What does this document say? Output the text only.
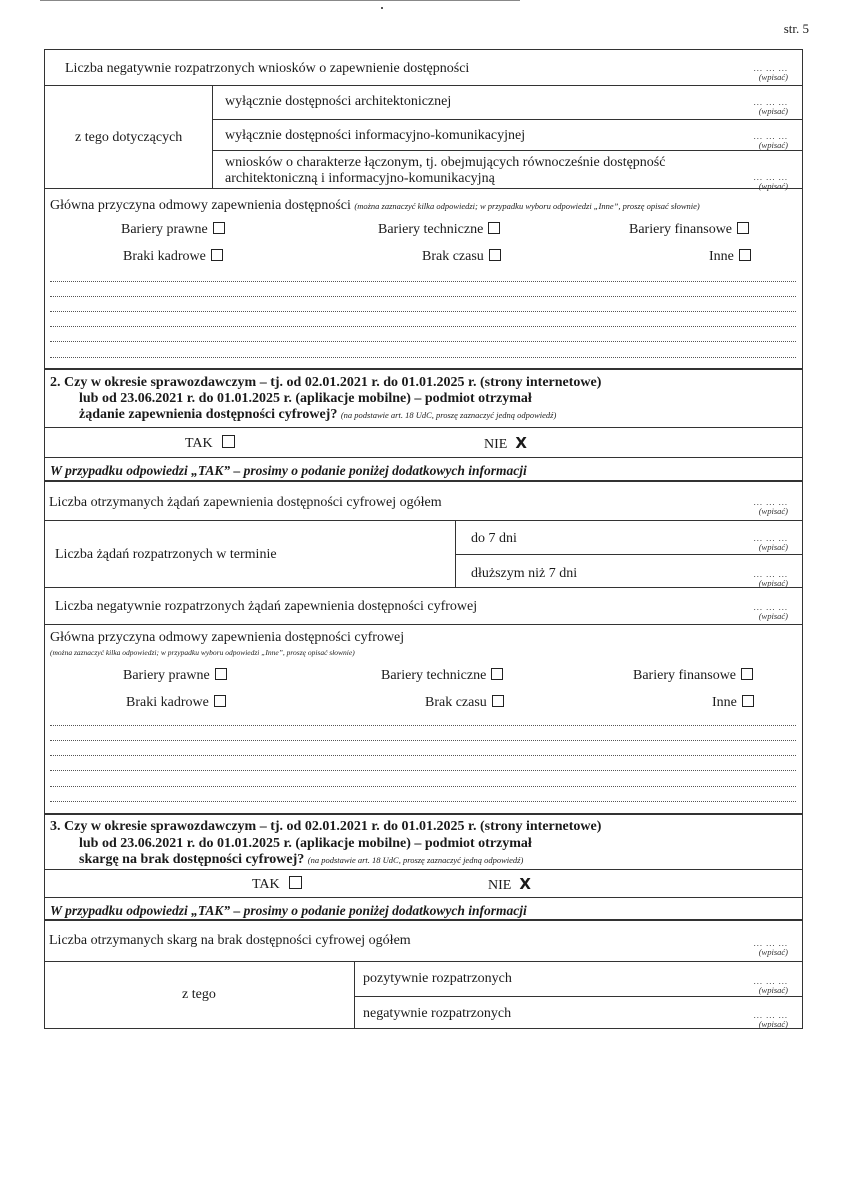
str. 5
Liczba negatywnie rozpatrzonych wniosków o zapewnienie dostępności	... ... ...
(wpisać)
z tego dotyczących
wyłącznie dostępności architektonicznej	... ... ...
(wpisać)
wyłącznie dostępności informacyjno-komunikacyjnej	... ... ...
(wpisać)
wniosków o charakterze łączonym, tj. obejmujących równocześnie dostępność
architektoniczną i informacyjno-komunikacyjną	... ... ...
(wpisać)
Główna przyczyna odmowy zapewnienia dostępności (można zaznaczyć kilka odpowiedzi; w przypadku wyboru odpowiedzi „Inne”, proszę opisać słownie)
Bariery prawne	Bariery techniczne	Bariery finansowe
Braki kadrowe	Brak czasu	Inne
2. Czy w okresie sprawozdawczym – tj. od 02.01.2021 r. do 01.01.2025 r. (strony internetowe)
lub od 23.06.2021 r. do 01.01.2025 r. (aplikacje mobilne) – podmiot otrzymał
żądanie zapewnienia dostępności cyfrowej? (na podstawie art. 18 UdC, proszę zaznaczyć jedną odpowiedź)
TAK	NIE X
W przypadku odpowiedzi „TAK” – prosimy o podanie poniżej dodatkowych informacji
Liczba otrzymanych żądań zapewnienia dostępności cyfrowej ogółem	... ... ...
(wpisać)
Liczba żądań rozpatrzonych w terminie
do 7 dni	... ... ...
(wpisać)
dłuższym niż 7 dni	... ... ...
(wpisać)
Liczba negatywnie rozpatrzonych żądań zapewnienia dostępności cyfrowej	... ... ...
(wpisać)
Główna przyczyna odmowy zapewnienia dostępności cyfrowej
(można zaznaczyć kilka odpowiedzi; w przypadku wyboru odpowiedzi „Inne”, proszę opisać słownie)
Bariery prawne	Bariery techniczne	Bariery finansowe
Braki kadrowe	Brak czasu	Inne
3. Czy w okresie sprawozdawczym – tj. od 02.01.2021 r. do 01.01.2025 r. (strony internetowe)
lub od 23.06.2021 r. do 01.01.2025 r. (aplikacje mobilne) – podmiot otrzymał
skargę na brak dostępności cyfrowej? (na podstawie art. 18 UdC, proszę zaznaczyć jedną odpowiedź)
TAK	NIE X
W przypadku odpowiedzi „TAK” – prosimy o podanie poniżej dodatkowych informacji
Liczba otrzymanych skarg na brak dostępności cyfrowej ogółem	... ... ...
(wpisać)
z tego
pozytywnie rozpatrzonych	... ... ...
(wpisać)
negatywnie rozpatrzonych	... ... ...
(wpisać)
